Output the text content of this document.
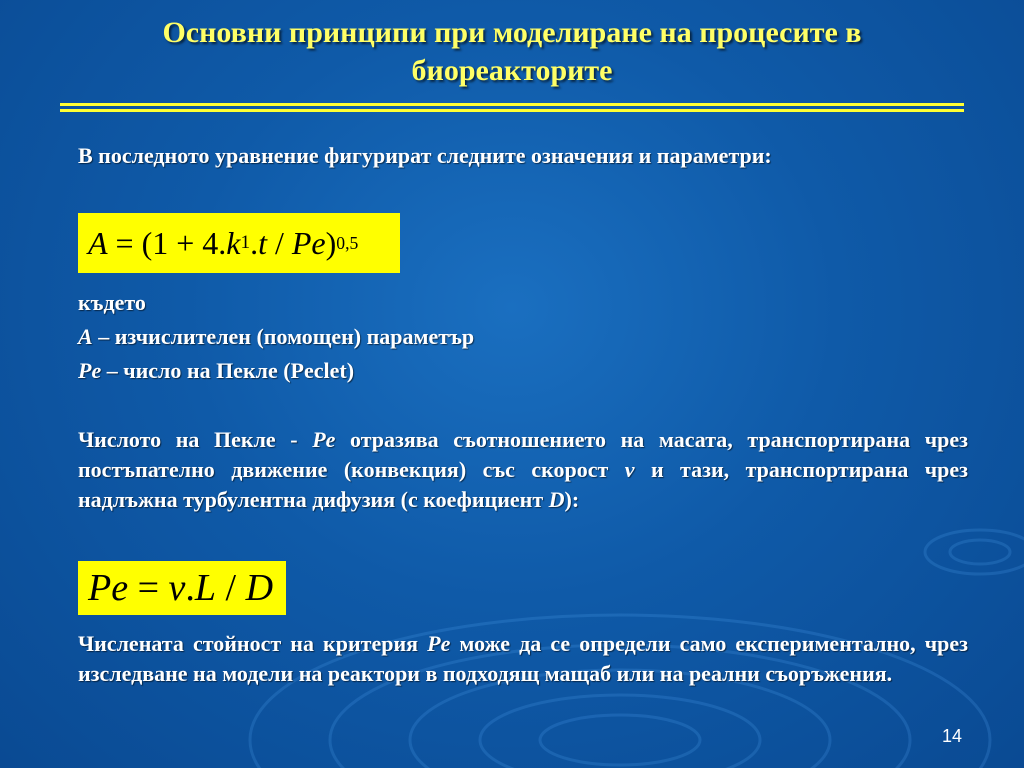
Основни принципи при моделиране на процесите в биореакторите

В последното уравнение фигурират следните означения и параметри:

A = (1 + 4. k 1 . t / Pe ) 0,5

където

A – изчислителен (помощен) параметър

Pe – число на Пекле (Peclet)

Числото на Пекле - Pe отразява съотношението на масата, транспортирана чрез постъпателно движение (конвекция) със скорост v и тази, транспортирана чрез надлъжна турбулентна дифузия (с коефициент D):

Pe = v . L / D

Числената стойност на критерия Pe може да се определи само експериментално, чрез изследване на модели на реактори в подходящ мащаб или на реални съоръжения.

14
